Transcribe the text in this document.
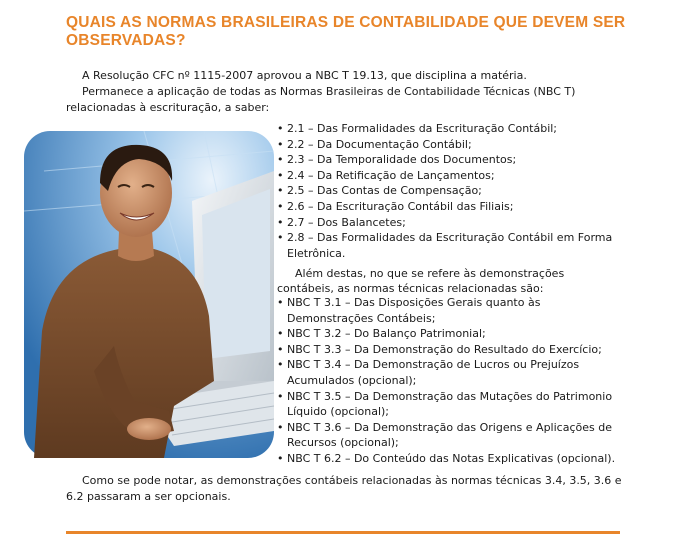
QUAIS AS NORMAS BRASILEIRAS DE CONTABILIDADE QUE DEVEM SER OBSERVADAS?

A Resolução CFC nº 1115-2007 aprovou a NBC T 19.13, que disciplina a matéria.

Permanece a aplicação de todas as Normas Brasileiras de Contabilidade Técnicas (NBC T) relacionadas à escrituração, a saber:

• 2.1 – Das Formalidades da Escrituração Contábil;
• 2.2 – Da Documentação Contábil;
• 2.3 – Da Temporalidade dos Documentos;
• 2.4 – Da Retificação de Lançamentos;
• 2.5 – Das Contas de Compensação;
• 2.6 – Da Escrituração Contábil das Filiais;
• 2.7 – Dos Balancetes;
• 2.8 – Das Formalidades da Escrituração Contábil em Forma Eletrônica.

Além destas, no que se refere às demonstrações contábeis, as normas técnicas relacionadas são:

• NBC T 3.1 – Das Disposições Gerais quanto às Demonstrações Contábeis;
• NBC T 3.2 – Do Balanço Patrimonial;
• NBC T 3.3 – Da Demonstração do Resultado do Exercício;
• NBC T 3.4 – Da Demonstração de Lucros ou Prejuízos Acumulados (opcional);
• NBC T 3.5 – Da Demonstração das Mutações do Patrimonio Líquido (opcional);
• NBC T 3.6 – Da Demonstração das Origens e Aplicações de Recursos (opcional);
• NBC T 6.2 – Do Conteúdo das Notas Explicativas (opcional).

Como se pode notar, as demonstrações contábeis relacionadas às normas técnicas 3.4, 3.5, 3.6 e 6.2 passaram a ser opcionais.
